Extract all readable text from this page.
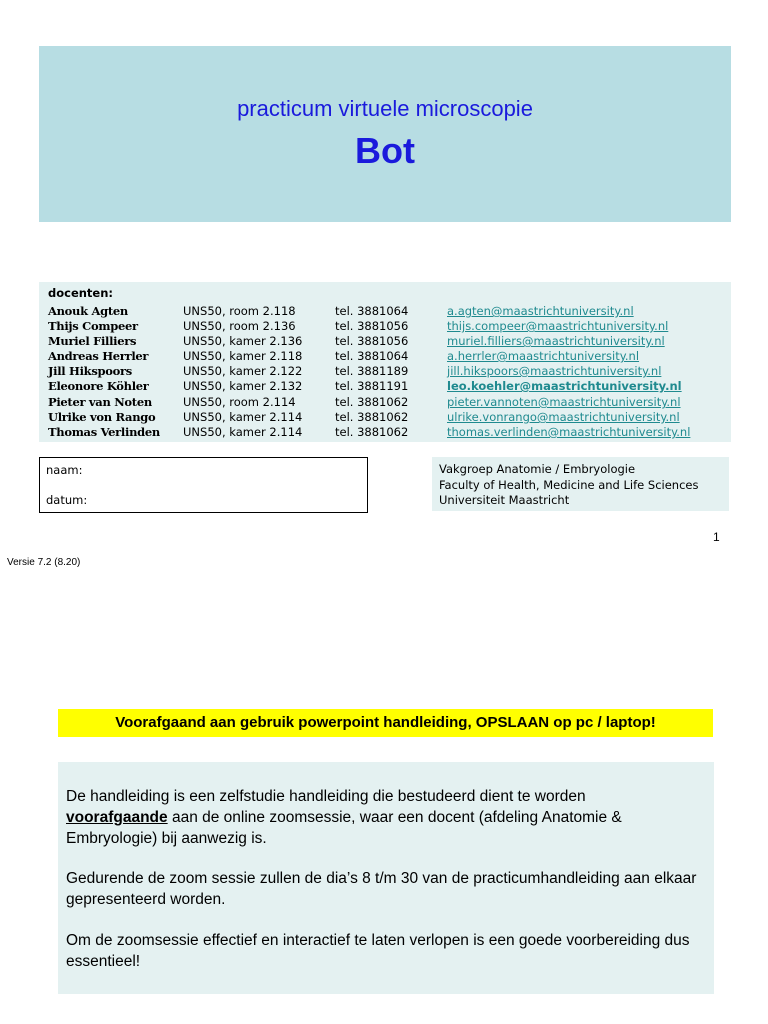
practicum virtuele microscopie
Bot
docenten:
Anouk Agten	UNS50, room 2.118	tel. 3881064	a.agten@maastrichtuniversity.nl
Thijs Compeer	UNS50, room 2.136	tel. 3881056	thijs.compeer@maastrichtuniversity.nl
Muriel Filliers	UNS50, kamer 2.136	tel. 3881056	muriel.filliers@maastrichtuniversity.nl
Andreas Herrler	UNS50, kamer 2.118	tel. 3881064	a.herrler@maastrichtuniversity.nl
Jill Hikspoors	UNS50, kamer 2.122	tel. 3881189	jill.hikspoors@maastrichtuniversity.nl
Eleonore Köhler	UNS50, kamer 2.132	tel. 3881191	leo.koehler@maastrichtuniversity.nl
Pieter van Noten	UNS50, room 2.114	tel. 3881062	pieter.vannoten@maastrichtuniversity.nl
Ulrike von Rango UNS50, kamer 2.114	tel. 3881062	ulrike.vonrango@maastrichtuniversity.nl
Thomas Verlinden UNS50, kamer 2.114	tel. 3881062	thomas.verlinden@maastrichtuniversity.nl
naam:
datum:
Vakgroep Anatomie / Embryologie
Faculty of Health, Medicine and Life Sciences
Universiteit Maastricht
1
Versie 7.2 (8.20)
Voorafgaand aan gebruik powerpoint handleiding, OPSLAAN op pc / laptop!
De handleiding is een zelfstudie handleiding die bestudeerd dient te worden
voorafgaande aan de online zoomsessie, waar een docent (afdeling Anatomie & Embryologie) bij aanwezig is.
Gedurende de zoom sessie zullen de dia’s 8 t/m 30 van de practicumhandleiding aan elkaar gepresenteerd worden.
Om de zoomsessie effectief en interactief te laten verlopen is een goede voorbereiding dus essentieel!
